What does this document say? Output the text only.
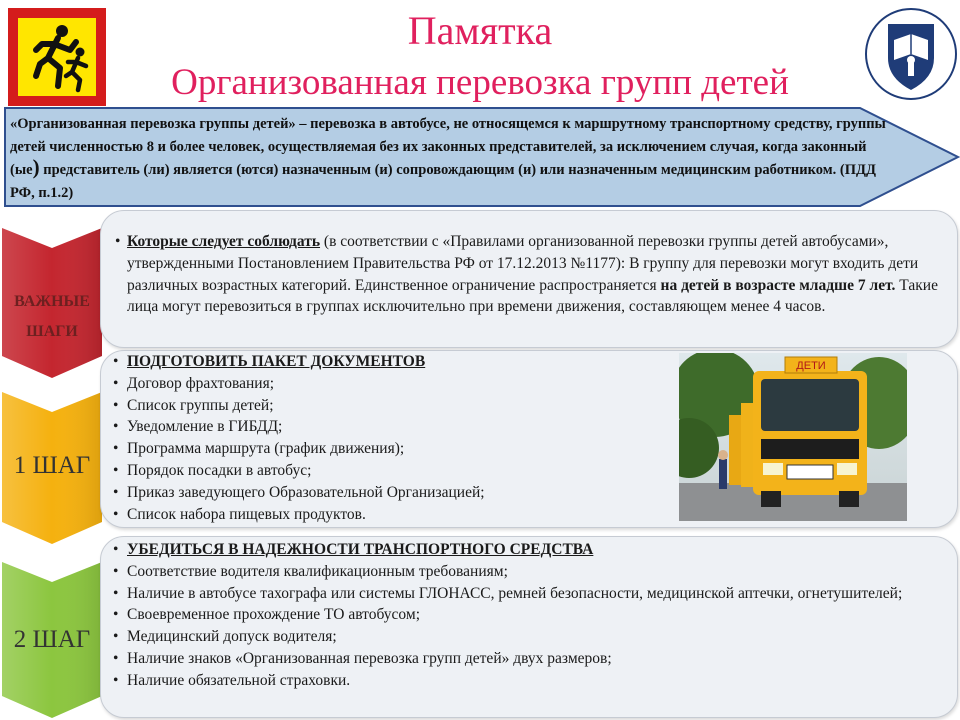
Памятка
Организованная перевозка групп детей
«Организованная перевозка группы детей» – перевозка в автобусе, не относящемся к маршрутному транспортному средству, группы детей численностью 8 и более человек, осуществляемая без их законных представителей, за исключением случая, когда законный (ые) представитель (ли) является (ются) назначенным (и) сопровождающим (и) или назначенным медицинским работником. (ПДД РФ, п.1.2)
ВАЖНЫЕ
ШАГИ
• Которые следует соблюдать (в соответствии с «Правилами организованной перевозки группы детей автобусами», утвержденными Постановлением Правительства РФ от 17.12.2013 №1177): В группу для перевозки могут входить дети различных возрастных категорий. Единственное ограничение распространяется на детей в возрасте младше 7 лет. Такие лица могут перевозиться в группах исключительно при времени движения, составляющем менее 4 часов.
1 ШАГ
• ПОДГОТОВИТЬ ПАКЕТ ДОКУМЕНТОВ
• Договор фрахтования;
• Список группы детей;
• Уведомление в ГИБДД;
• Программа маршрута (график движения);
• Порядок посадки в автобус;
• Приказ заведующего Образовательной Организацией;
• Список набора пищевых продуктов.
ДЕТИ
2 ШАГ
• УБЕДИТЬСЯ В НАДЕЖНОСТИ ТРАНСПОРТНОГО СРЕДСТВА
• Соответствие водителя квалификационным требованиям;
• Наличие в автобусе тахографа или системы ГЛОНАСС, ремней безопасности, медицинской аптечки, огнетушителей;
• Своевременное прохождение ТО автобусом;
• Медицинский допуск водителя;
• Наличие знаков «Организованная перевозка групп детей» двух размеров;
• Наличие обязательной страховки.
